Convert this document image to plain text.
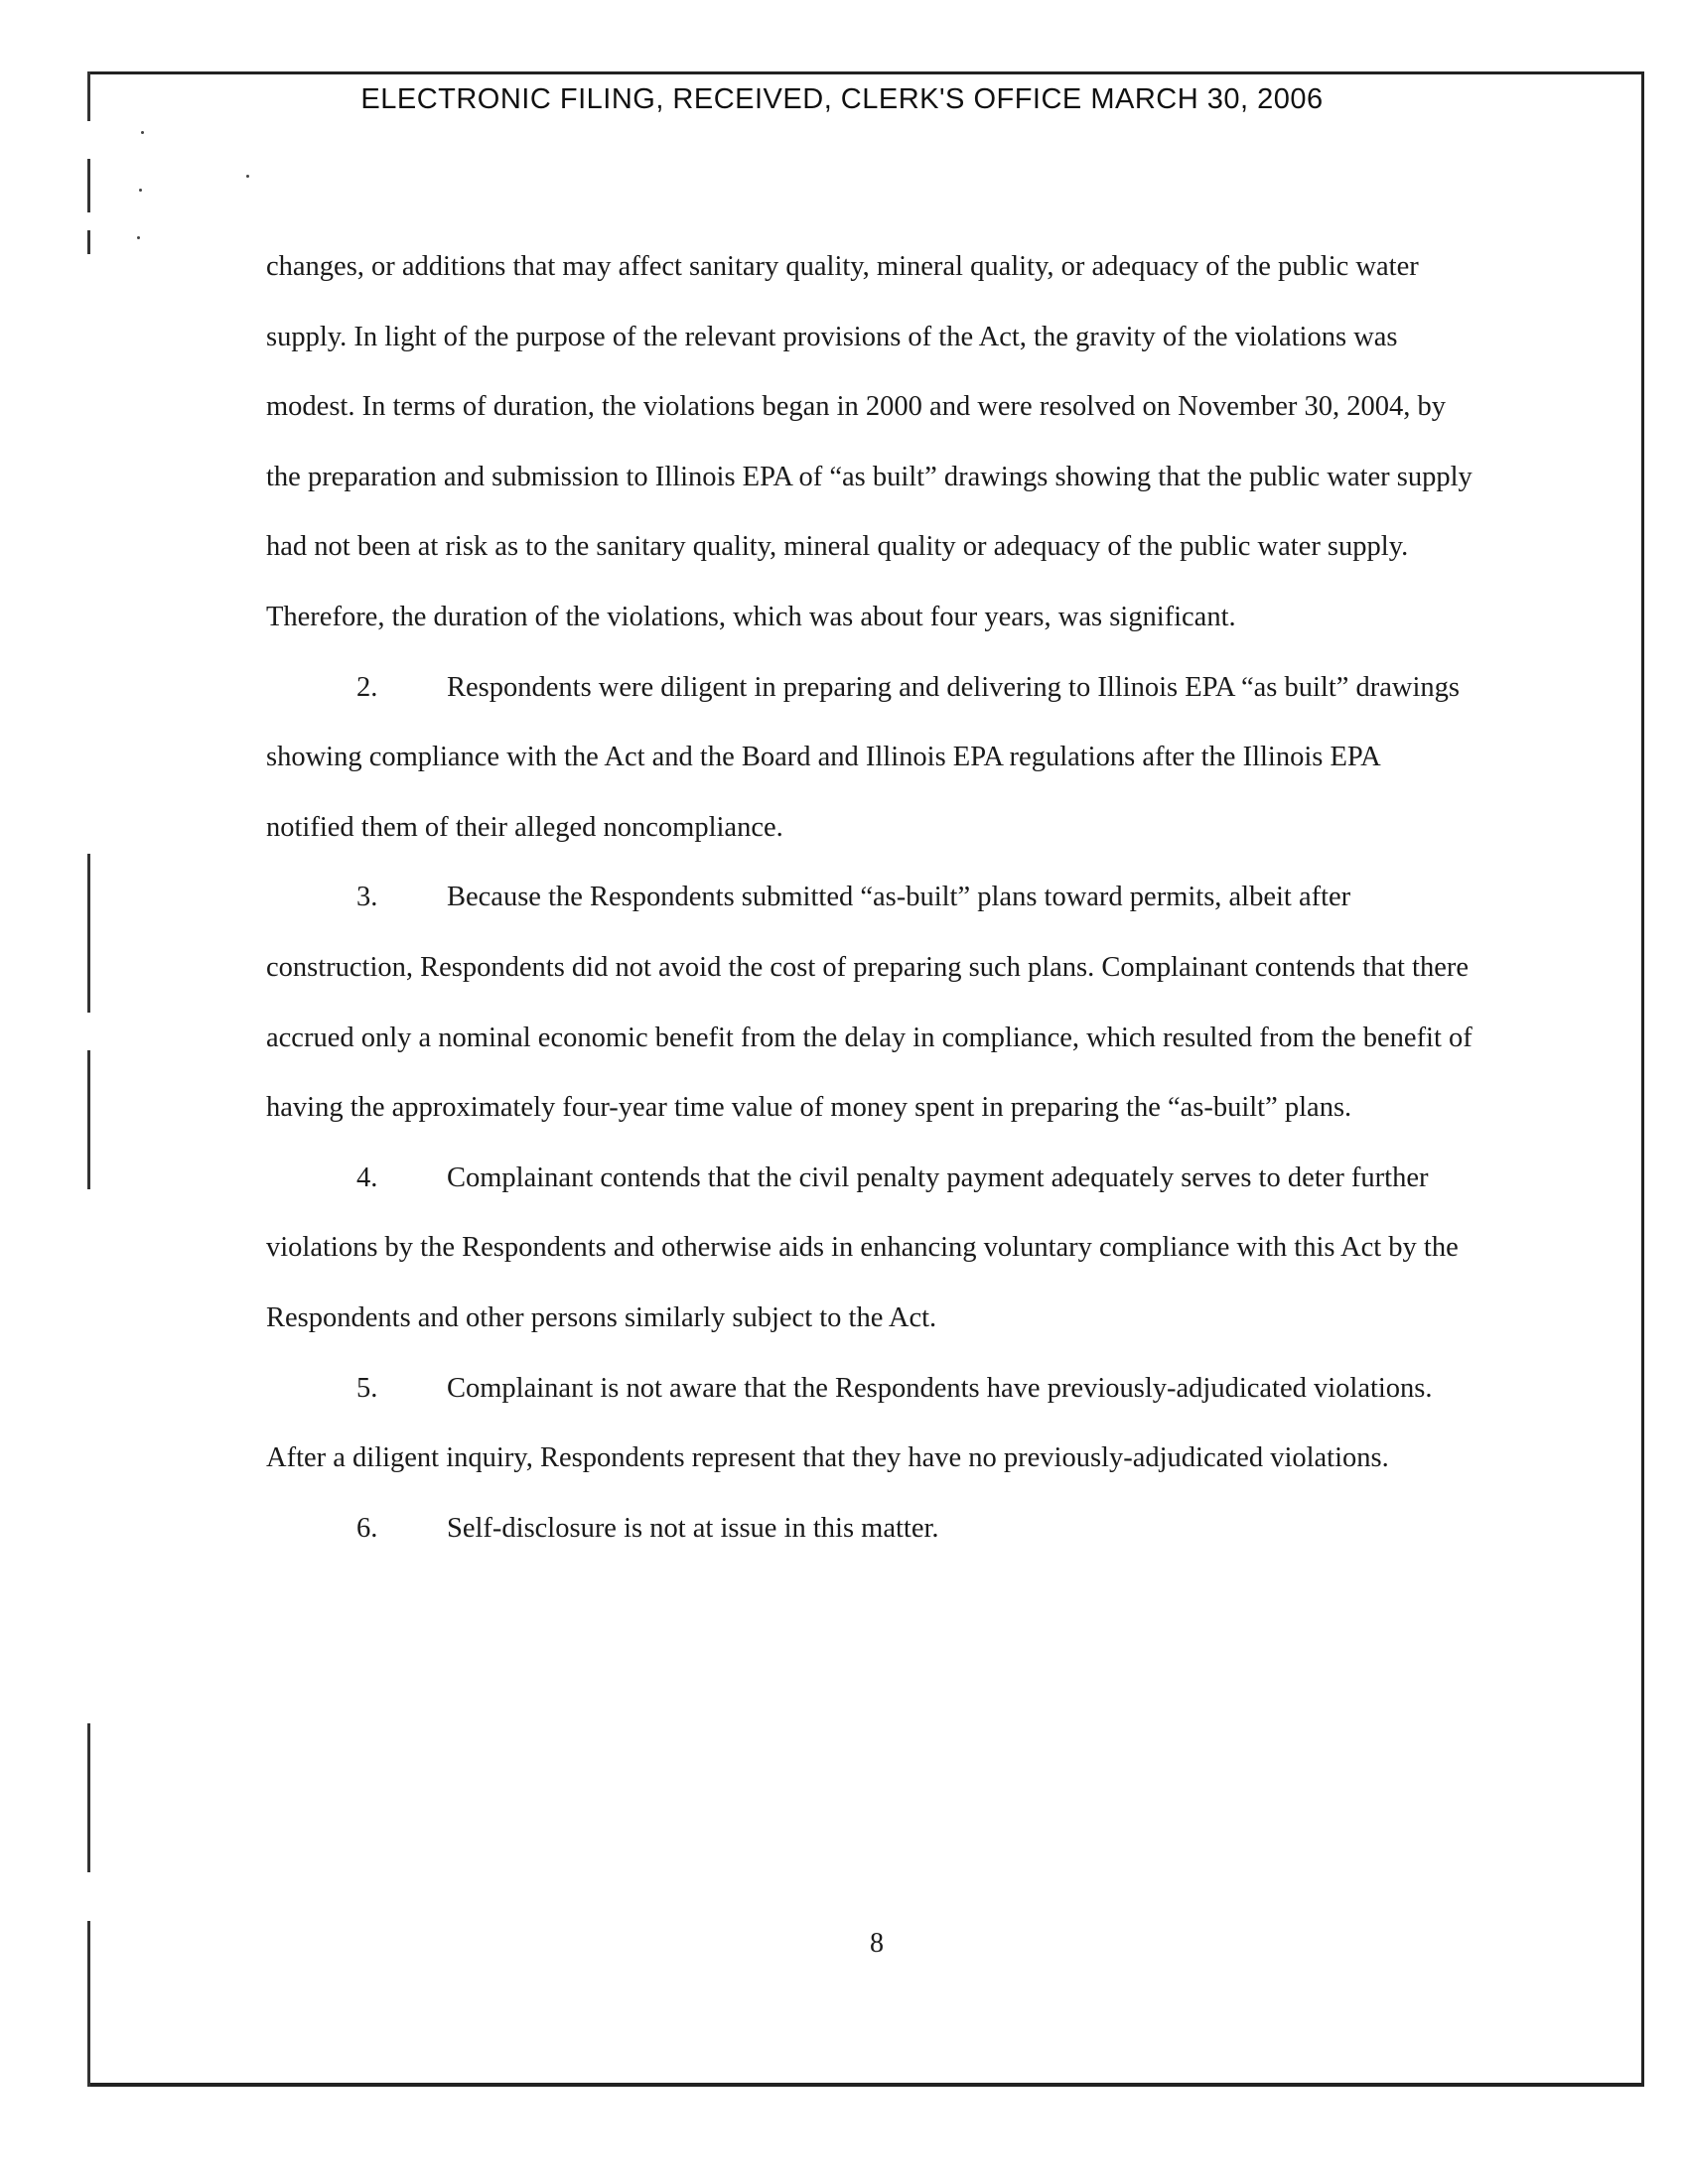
ELECTRONIC FILING, RECEIVED, CLERK'S OFFICE MARCH 30, 2006

changes, or additions that may affect sanitary quality, mineral quality, or adequacy of the public water supply. In light of the purpose of the relevant provisions of the Act, the gravity of the violations was modest. In terms of duration, the violations began in 2000 and were resolved on November 30, 2004, by the preparation and submission to Illinois EPA of “as built” drawings showing that the public water supply had not been at risk as to the sanitary quality, mineral quality or adequacy of the public water supply. Therefore, the duration of the violations, which was about four years, was significant.

2. Respondents were diligent in preparing and delivering to Illinois EPA “as built” drawings showing compliance with the Act and the Board and Illinois EPA regulations after the Illinois EPA notified them of their alleged noncompliance.

3. Because the Respondents submitted “as-built” plans toward permits, albeit after construction, Respondents did not avoid the cost of preparing such plans. Complainant contends that there accrued only a nominal economic benefit from the delay in compliance, which resulted from the benefit of having the approximately four-year time value of money spent in preparing the “as-built” plans.

4. Complainant contends that the civil penalty payment adequately serves to deter further violations by the Respondents and otherwise aids in enhancing voluntary compliance with this Act by the Respondents and other persons similarly subject to the Act.

5. Complainant is not aware that the Respondents have previously-adjudicated violations. After a diligent inquiry, Respondents represent that they have no previously-adjudicated violations.

6. Self-disclosure is not at issue in this matter.

8
